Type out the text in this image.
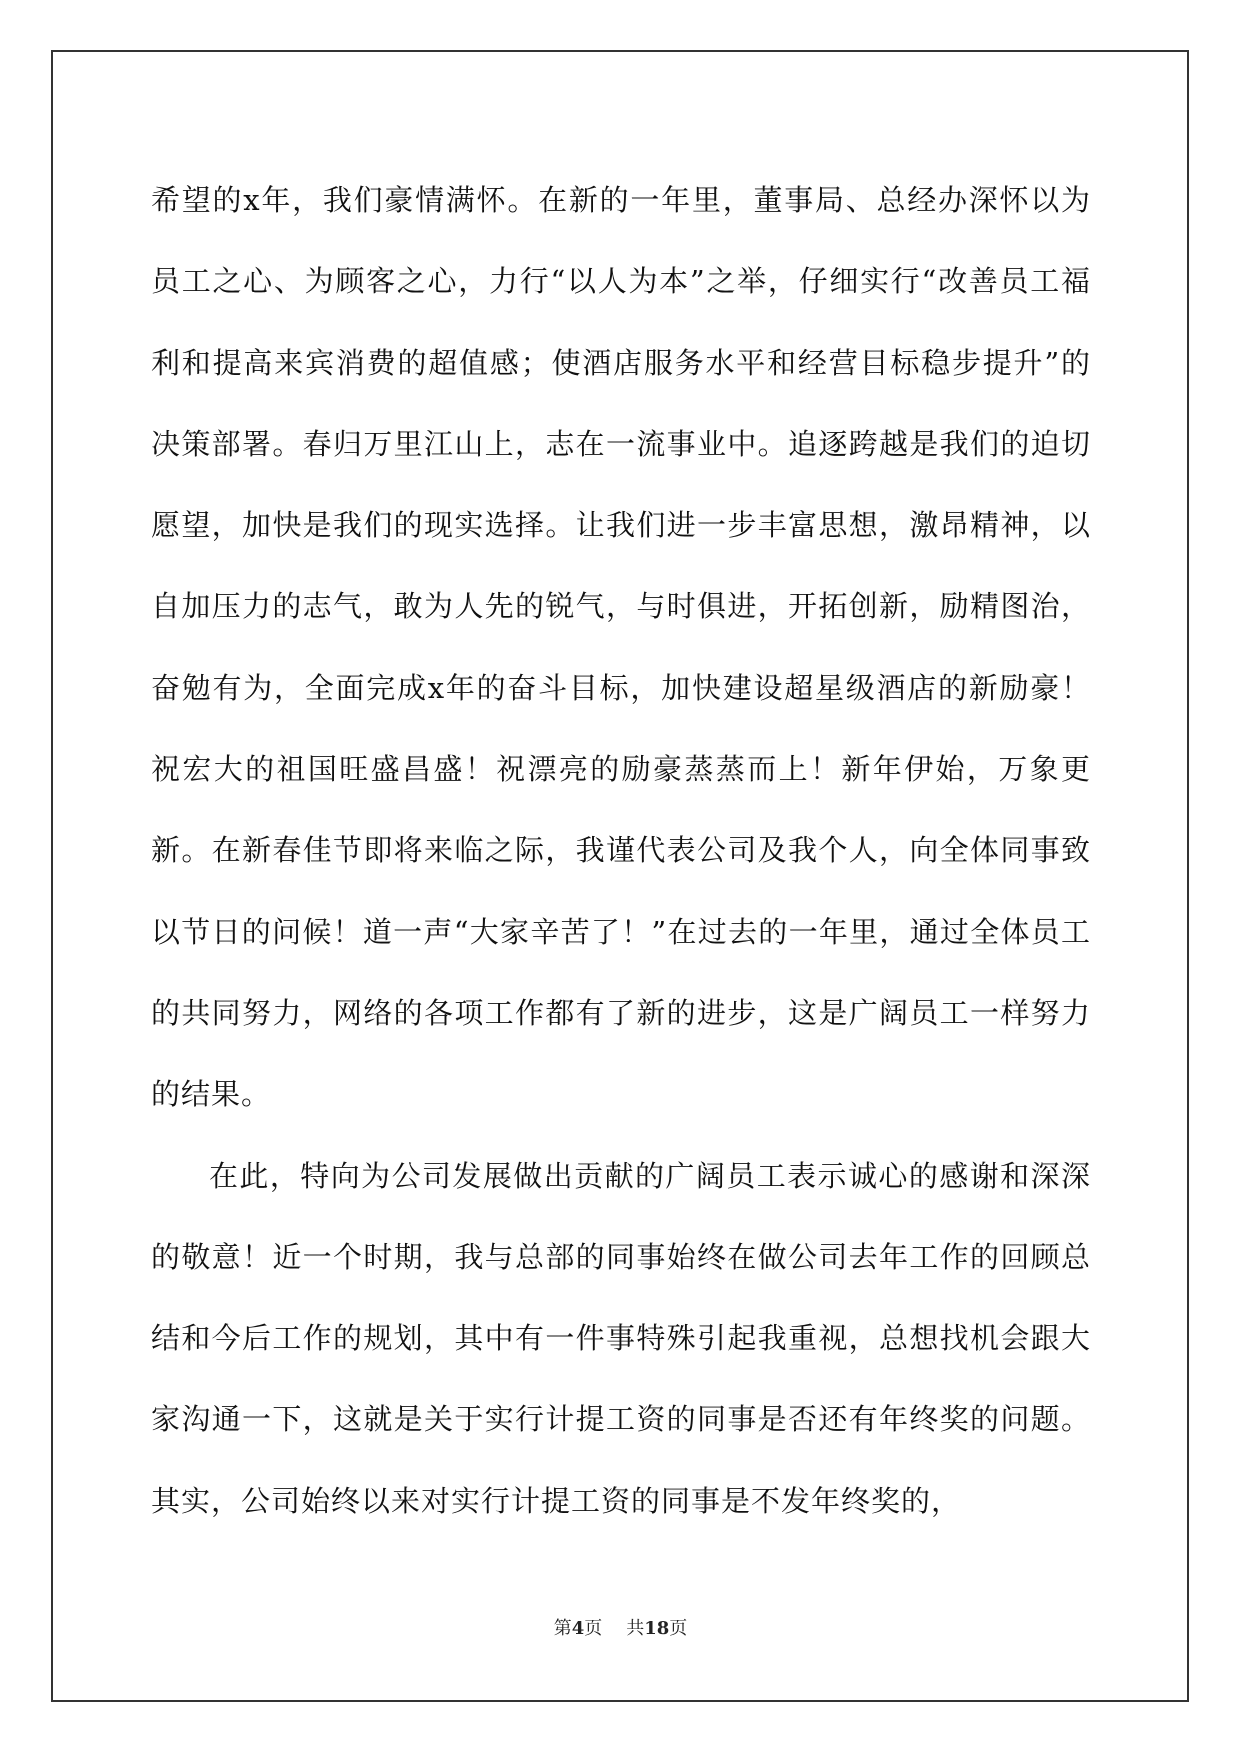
希望的x年，我们豪情满怀。在新的一年里，董事局、总经办深怀以为员工之心、为顾客之心，力行“以人为本”之举，仔细实行“改善员工福利和提高来宾消费的超值感；使酒店服务水平和经营目标稳步提升”的决策部署。春归万里江山上，志在一流事业中。追逐跨越是我们的迫切愿望，加快是我们的现实选择。让我们进一步丰富思想，激昂精神，以自加压力的志气，敢为人先的锐气，与时俱进，开拓创新，励精图治，奋勉有为，全面完成x年的奋斗目标，加快建设超星级酒店的新励豪！祝宏大的祖国旺盛昌盛！祝漂亮的励豪蒸蒸而上！新年伊始，万象更新。在新春佳节即将来临之际，我谨代表公司及我个人，向全体同事致以节日的问候！道一声“大家辛苦了！”在过去的一年里，通过全体员工的共同努力，网络的各项工作都有了新的进步，这是广阔员工一样努力的结果。

在此，特向为公司发展做出贡献的广阔员工表示诚心的感谢和深深的敬意！近一个时期，我与总部的同事始终在做公司去年工作的回顾总结和今后工作的规划，其中有一件事特殊引起我重视，总想找机会跟大家沟通一下，这就是关于实行计提工资的同事是否还有年终奖的问题。其实，公司始终以来对实行计提工资的同事是不发年终奖的，

第4页 共18页
